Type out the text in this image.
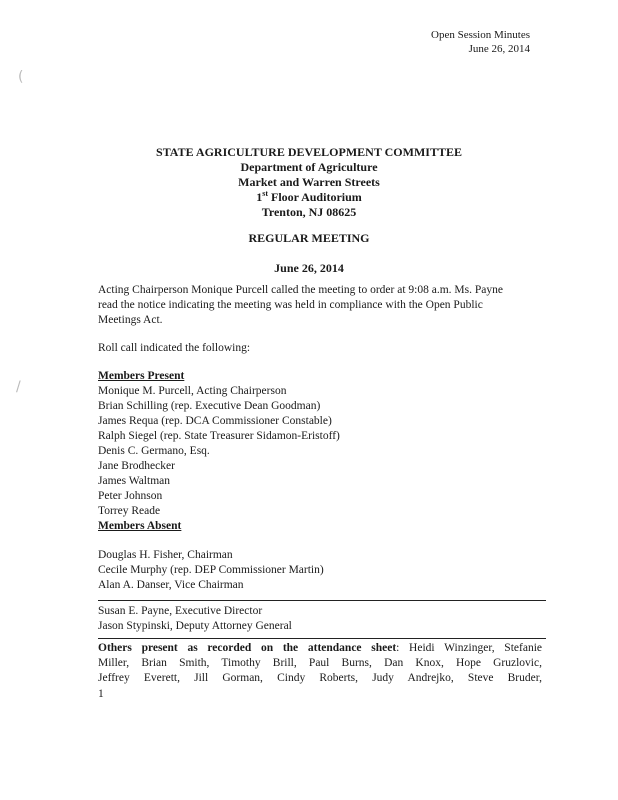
(
/
Open Session Minutes
June 26, 2014
STATE AGRICULTURE DEVELOPMENT COMMITTEE
Department of Agriculture
Market and Warren Streets
1st Floor Auditorium
Trenton, NJ 08625
REGULAR MEETING
June 26, 2014
Acting Chairperson Monique Purcell called the meeting to order at 9:08 a.m. Ms. Payne
read the notice indicating the meeting was held in compliance with the Open Public
Meetings Act.
Roll call indicated the following:
Members Present
Monique M. Purcell, Acting Chairperson
Brian Schilling (rep. Executive Dean Goodman)
James Requa (rep. DCA Commissioner Constable)
Ralph Siegel (rep. State Treasurer Sidamon-Eristoff)
Denis C. Germano, Esq.
Jane Brodhecker
James Waltman
Peter Johnson
Torrey Reade
Members Absent
Douglas H. Fisher, Chairman
Cecile Murphy (rep. DEP Commissioner Martin)
Alan A. Danser, Vice Chairman
Susan E. Payne, Executive Director
Jason Stypinski, Deputy Attorney General
Others present as recorded on the attendance sheet: Heidi Winzinger, Stefanie
Miller, Brian Smith, Timothy Brill, Paul Burns, Dan Knox, Hope Gruzlovic,
Jeffrey Everett, Jill Gorman, Cindy Roberts, Judy Andrejko, Steve Bruder,
1
